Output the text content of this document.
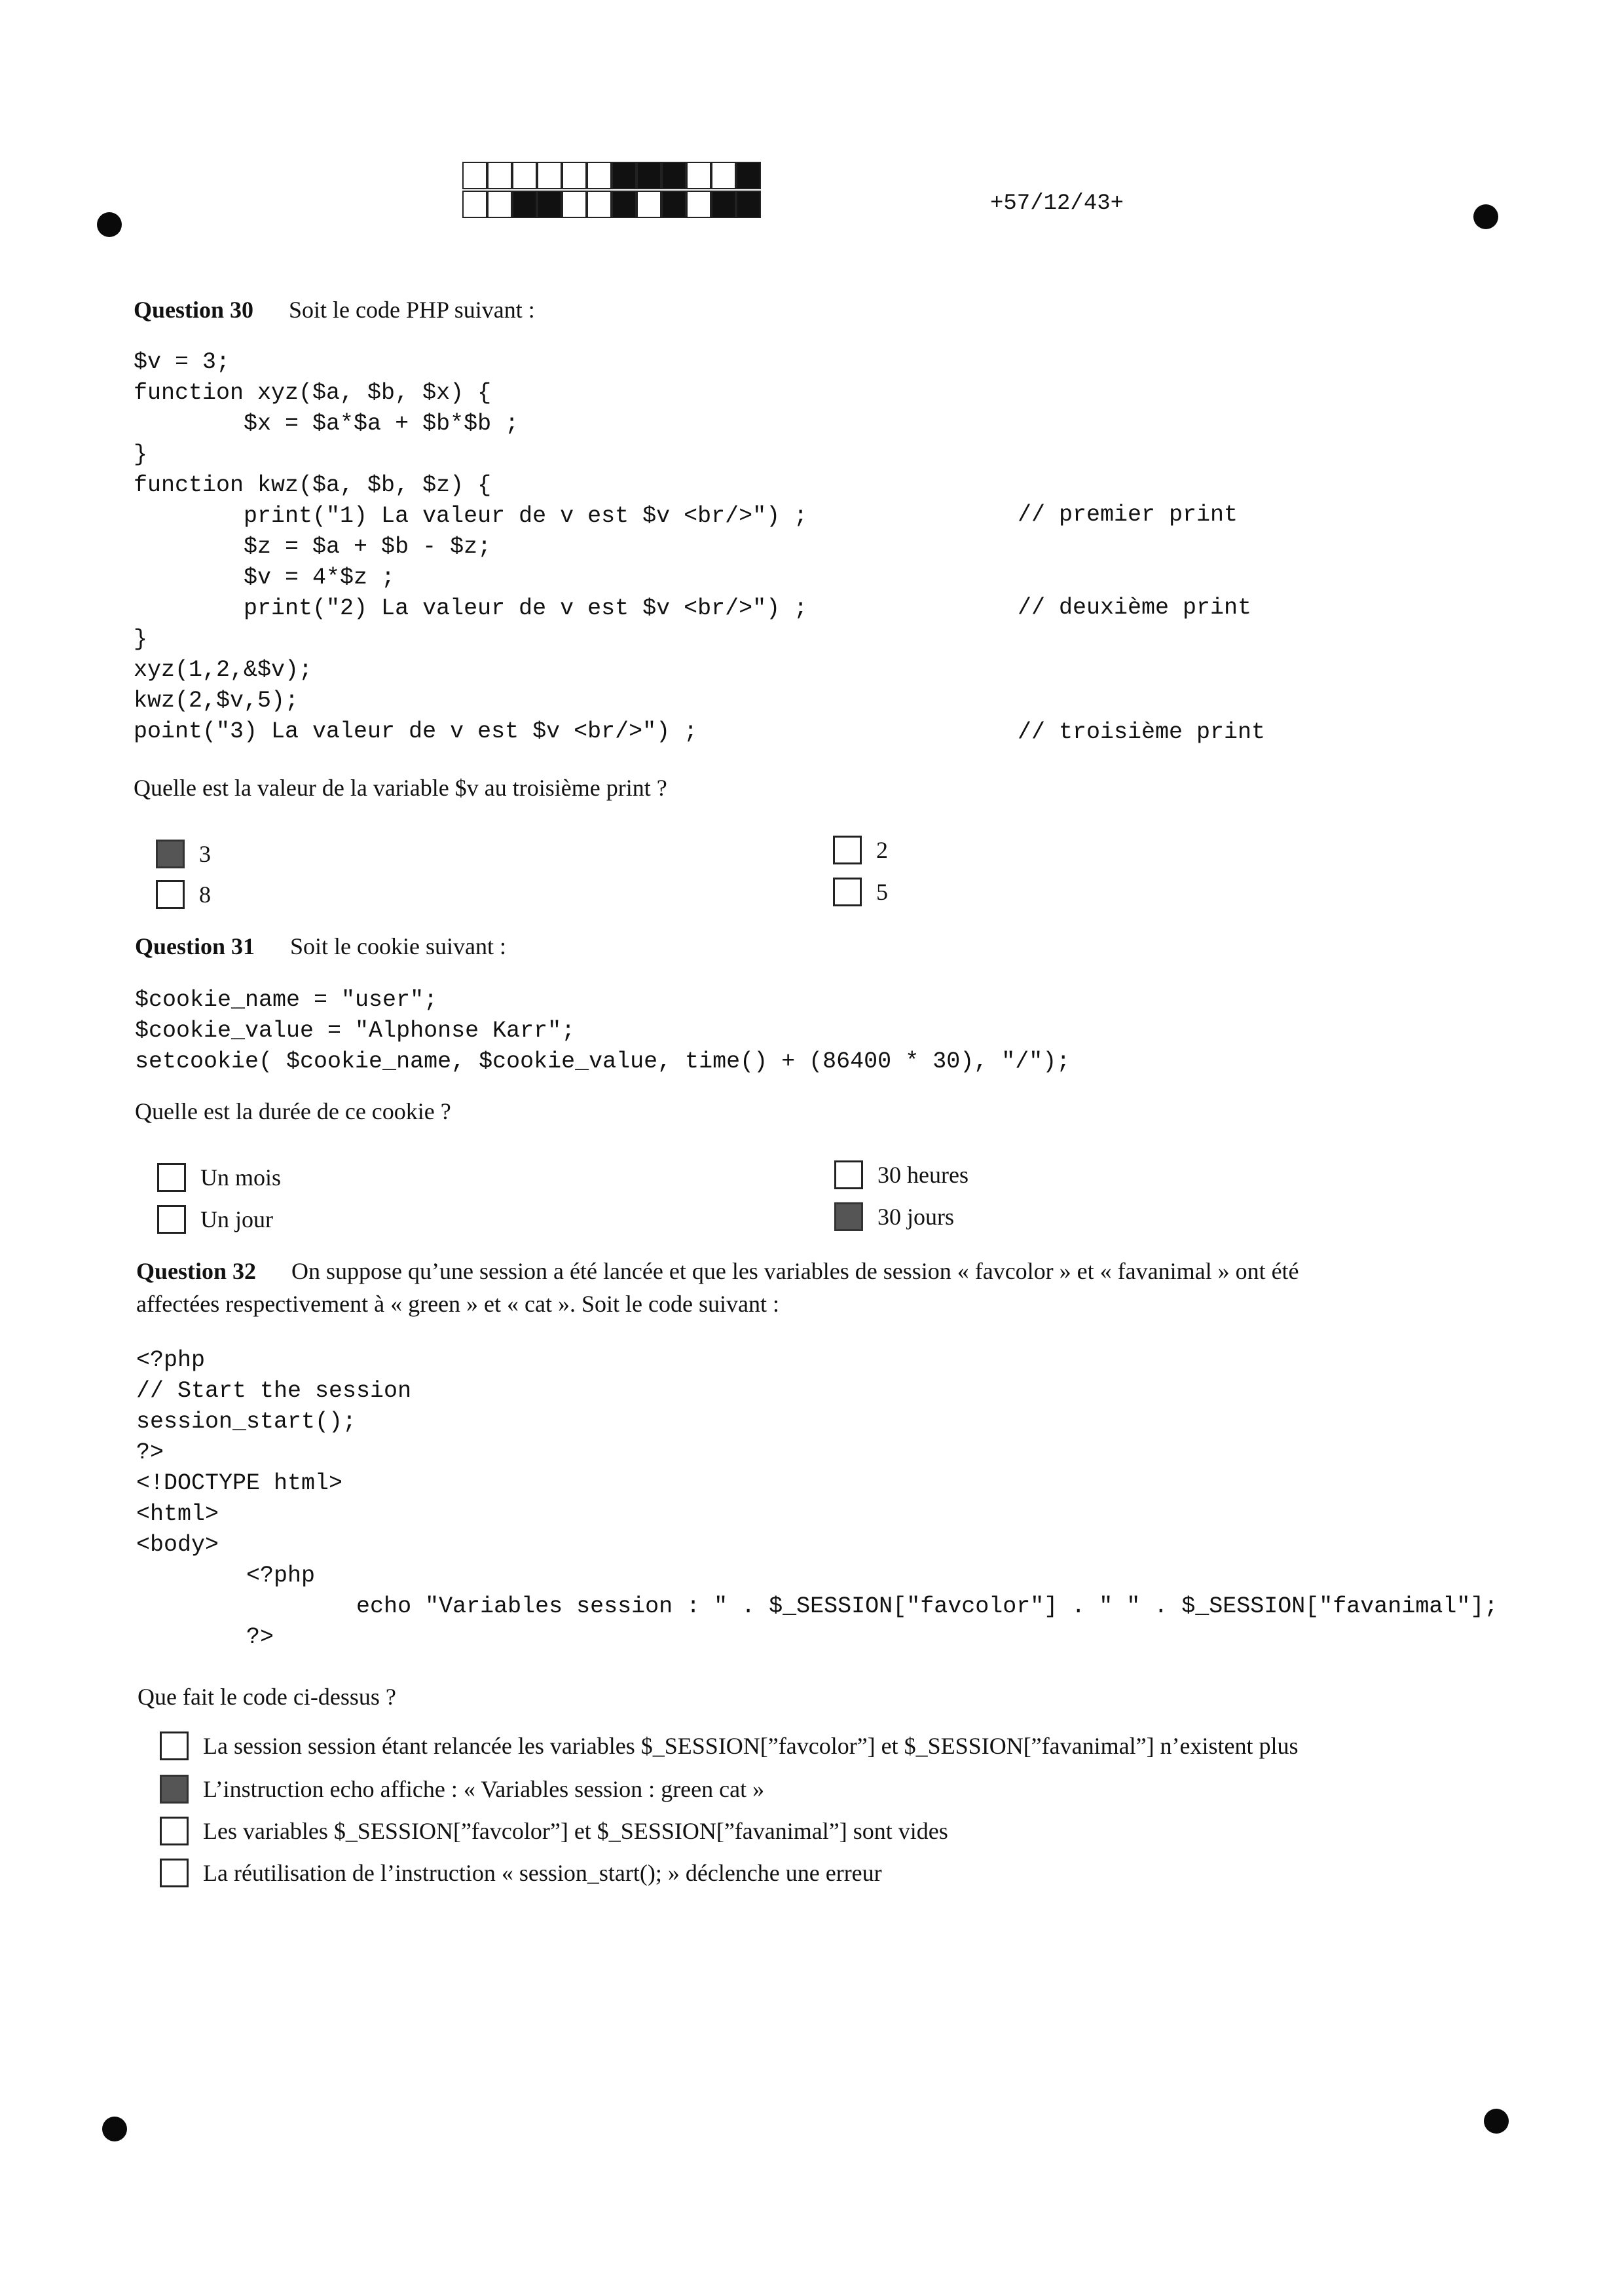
+57/12/43+
Question 30 Soit le code PHP suivant :
$v = 3;
function xyz($a, $b, $x) {
$x = $a*$a + $b*$b ;
}
function kwz($a, $b, $z) {
print("1) La valeur de v est $v <br/>") ;
$z = $a + $b - $z;
$v = 4*$z ;
print("2) La valeur de v est $v <br/>") ;
}
xyz(1,2,&$v);
kwz(2,$v,5);
point("3) La valeur de v est $v <br/>") ;
// premier print
// deuxième print
// troisième print
Quelle est la valeur de la variable $v au troisième print ?
3
8
2
5
Question 31 Soit le cookie suivant :
$cookie_name = "user";
$cookie_value = "Alphonse Karr";
setcookie( $cookie_name, $cookie_value, time() + (86400 * 30), "/");
Quelle est la durée de ce cookie ?
Un mois
Un jour
30 heures
30 jours
Question 32 On suppose qu’une session a été lancée et que les variables de session « favcolor » et « favanimal » ont été
affectées respectivement à « green » et « cat ». Soit le code suivant :
<?php
// Start the session
session_start();
?>
<!DOCTYPE html>
<html>
<body>
<?php
echo "Variables session : " . $_SESSION["favcolor"] . " " . $_SESSION["favanimal"];
?>
Que fait le code ci-dessus ?
La session session étant relancée les variables $_SESSION[”favcolor”] et $_SESSION[”favanimal”] n’existent plus
L’instruction echo affiche : « Variables session : green cat »
Les variables $_SESSION[”favcolor”] et $_SESSION[”favanimal”] sont vides
La réutilisation de l’instruction « session_start(); » déclenche une erreur
